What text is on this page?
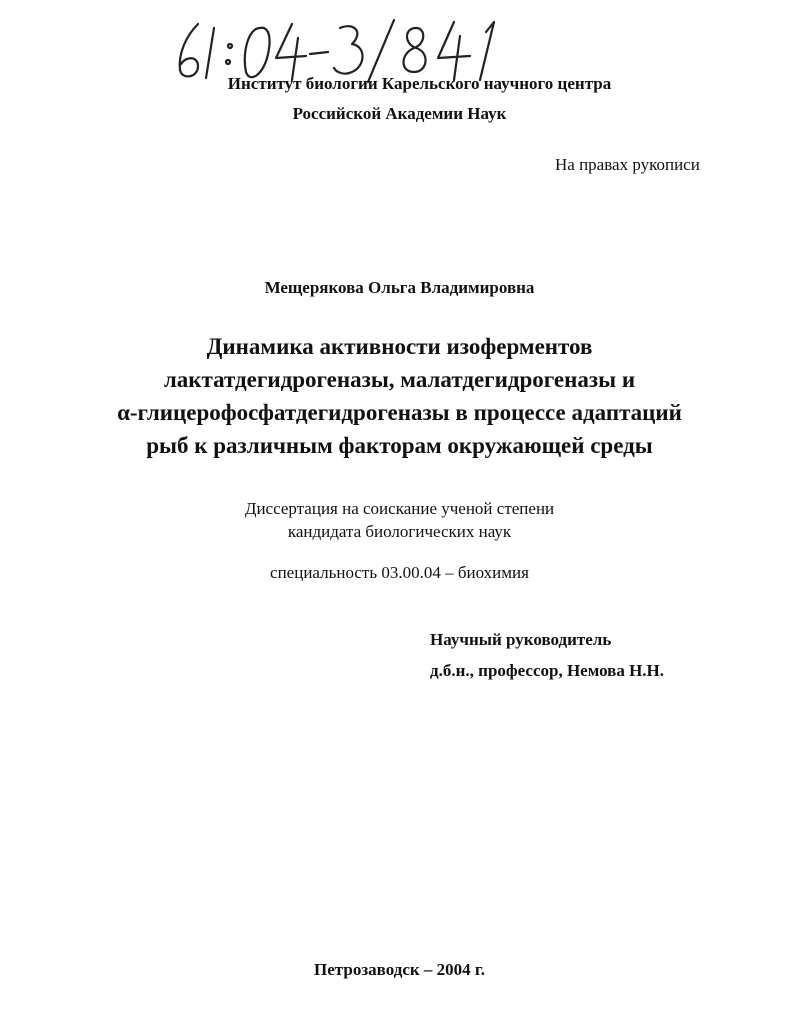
Институт биологии Карельского научного центра
Российской Академии Наук
На правах рукописи
Мещерякова Ольга Владимировна
Динамика активности изоферментов
лактатдегидрогеназы, малатдегидрогеназы и
α-глицерофосфатдегидрогеназы в процессе адаптаций
рыб к различным факторам окружающей среды
Диссертация на соискание ученой степени
кандидата биологических наук
специальность 03.00.04 – биохимия
Научный руководитель
д.б.н., профессор, Немова Н.Н.
Петрозаводск – 2004 г.
